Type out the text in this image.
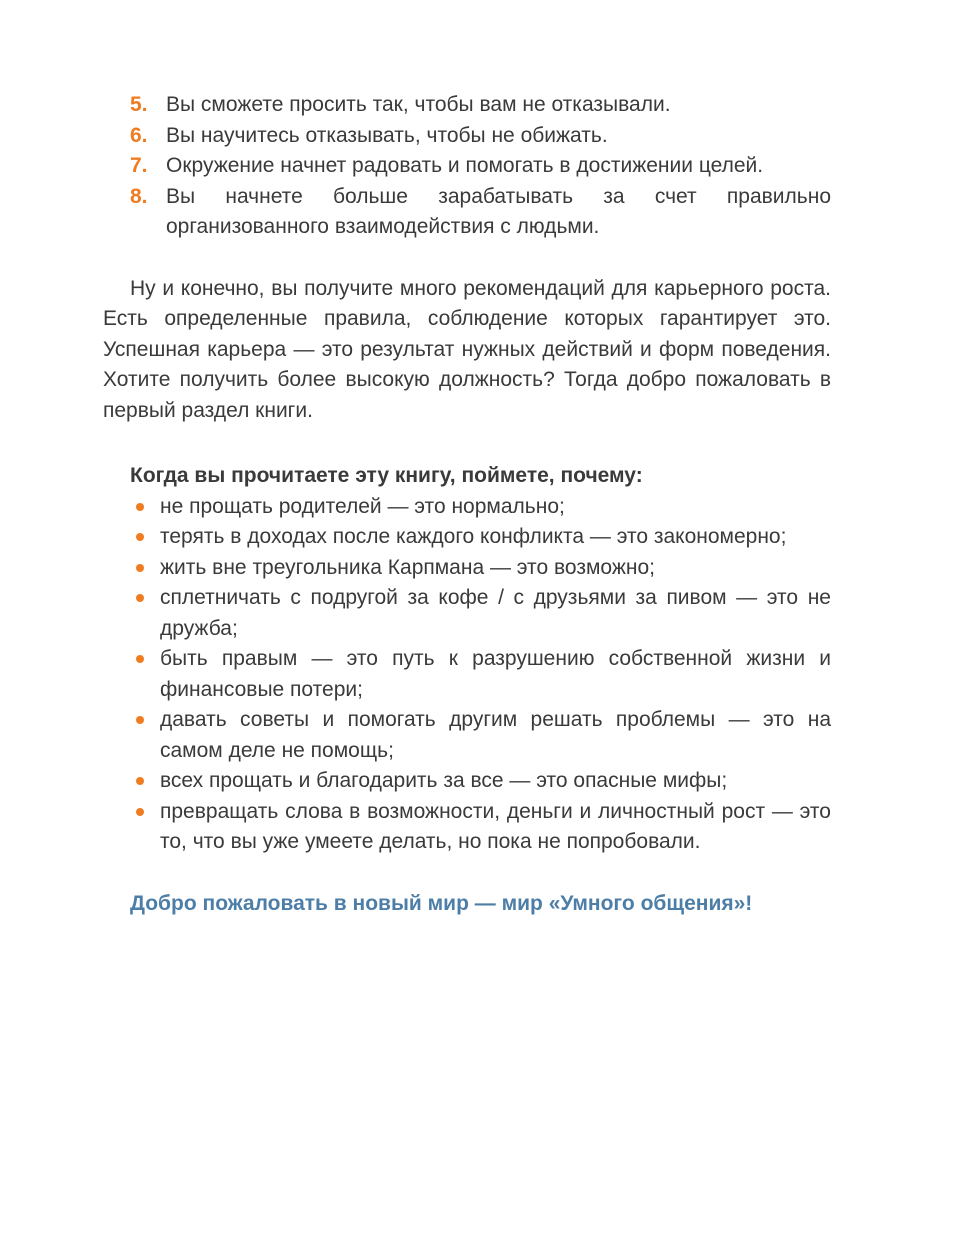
5. Вы сможете просить так, чтобы вам не отказывали.
6. Вы научитесь отказывать, чтобы не обижать.
7. Окружение начнет радовать и помогать в достижении целей.
8. Вы начнете больше зарабатывать за счет правильно организованного взаимодействия с людьми.

Ну и конечно, вы получите много рекомендаций для карьерного роста. Есть определенные правила, соблюдение которых гарантирует это. Успешная карьера — это результат нужных действий и форм поведения. Хотите получить более высокую должность? Тогда добро пожаловать в первый раздел книги.

Когда вы прочитаете эту книгу, поймете, почему:

не прощать родителей — это нормально;
терять в доходах после каждого конфликта — это закономерно;
жить вне треугольника Карпмана — это возможно;
сплетничать с подругой за кофе / с друзьями за пивом — это не дружба;
быть правым — это путь к разрушению собственной жизни и финансовые потери;
давать советы и помогать другим решать проблемы — это на самом деле не помощь;
всех прощать и благодарить за все — это опасные мифы;
превращать слова в возможности, деньги и личностный рост — это то, что вы уже умеете делать, но пока не попробовали.

Добро пожаловать в новый мир — мир «Умного общения»!
